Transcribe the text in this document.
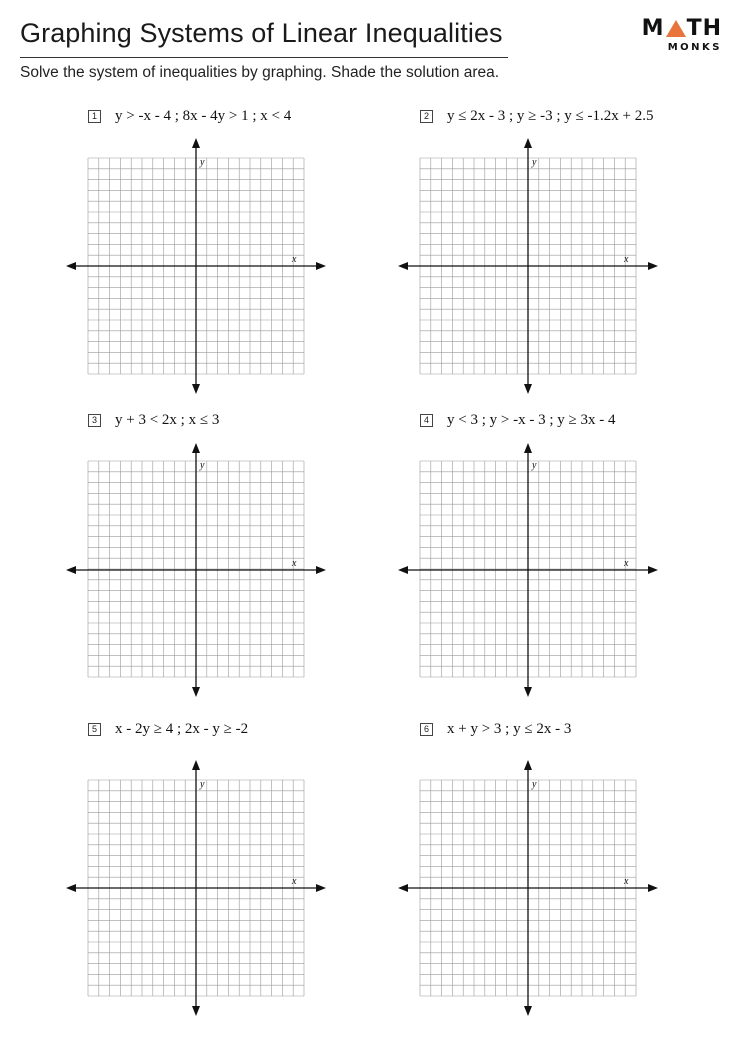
Graphing Systems of Linear Inequalities	M TH
MONKS
Solve the system of inequalities by graphing. Shade the solution area.
1 y > -x - 4 ; 8x - 4y > 1 ; x < 4	2 y ≤ 2x - 3 ; y ≥ -3 ; y ≤ -1.2x + 2.5
3 y + 3 < 2x ; x ≤ 3	4 y < 3 ; y > -x - 3 ; y ≥ 3x - 4
5 x - 2y ≥ 4 ; 2x - y ≥ -2	6 x + y > 3 ; y ≤ 2x - 3
x
y
x
y
x
y
x
y
x
y
x
y
